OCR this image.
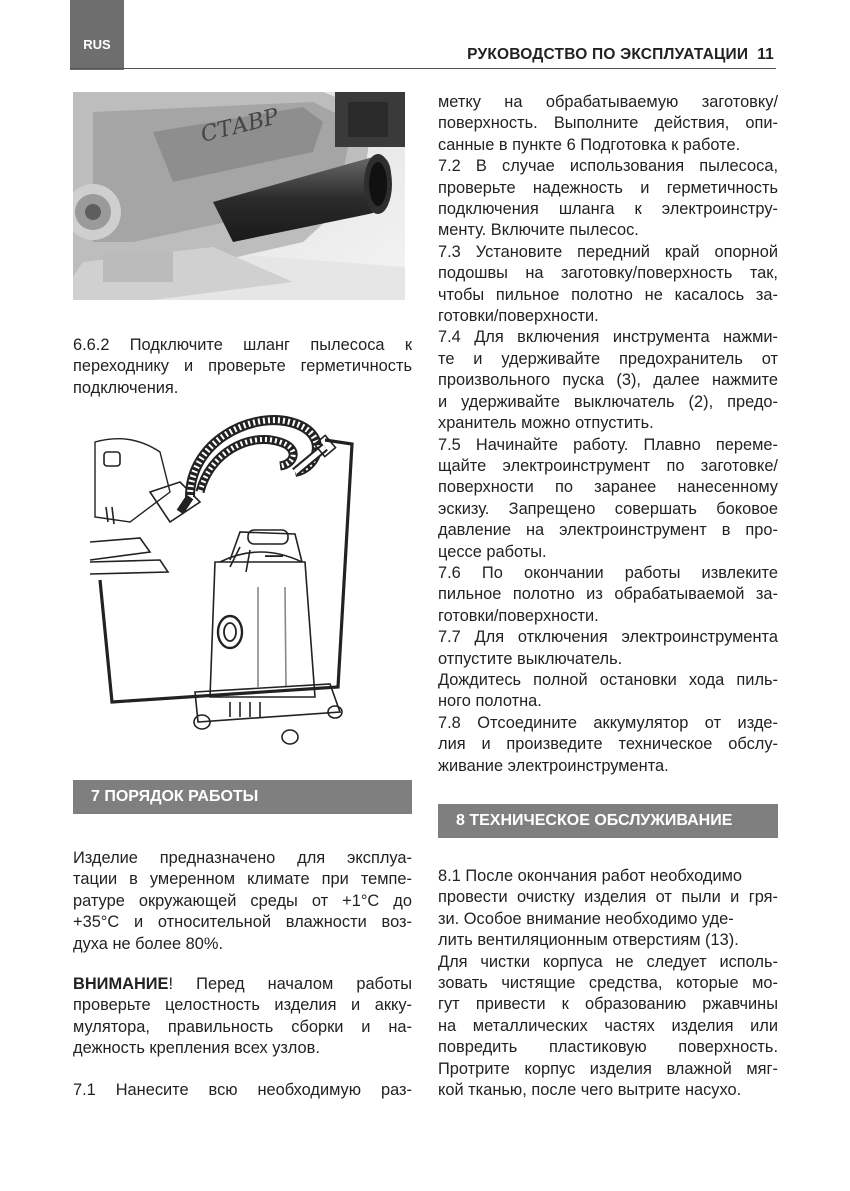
RUS
РУКОВОДСТВО ПО ЭКСПЛУАТАЦИИ 11
СТАВР

6.6.2 Подключите шланг пылесоса к

переходнику и проверьте герметичность

подключения.

▬▬▬
7 ПОРЯДОК РАБОТЫ

Изделие предназначено для эксплуа-

тации в умеренном климате при темпе-

ратуре окружающей среды от +1°С до

+35°С и относительной влажности воз-

духа не более 80%.

ВНИМАНИЕ! Перед началом работы

проверьте целостность изделия и акку-

мулятора, правильность сборки и на-

дежность крепления всех узлов.

7.1 Нанесите всю необходимую раз-

метку на обрабатываемую заготовку/

поверхность. Выполните действия, опи-

санные в пункте 6 Подготовка к работе.

7.2 В случае использования пылесоса,

проверьте надежность и герметичность

подключения шланга к электроинстру-

менту. Включите пылесос.

7.3 Установите передний край опорной

подошвы на заготовку/поверхность так,

чтобы пильное полотно не касалось за-

готовки/поверхности.

7.4 Для включения инструмента нажми-

те и удерживайте предохранитель от

произвольного пуска (3), далее нажмите

и удерживайте выключатель (2), предо-

хранитель можно отпустить.

7.5 Начинайте работу. Плавно переме-

щайте электроинструмент по заготовке/

поверхности по заранее нанесенному

эскизу. Запрещено совершать боковое

давление на электроинструмент в про-

цессе работы.

7.6 По окончании работы извлеките

пильное полотно из обрабатываемой за-

готовки/поверхности.

7.7 Для отключения электроинструмента

отпустите выключатель.

Дождитесь полной остановки хода пиль-

ного полотна.

7.8 Отсоедините аккумулятор от изде-

лия и произведите техническое обслу-

живание электроинструмента.

8 ТЕХНИЧЕСКОЕ ОБСЛУЖИВАНИЕ

8.1 После окончания работ необходимо

провести очистку изделия от пыли и гря-

зи. Особое внимание необходимо уде-

лить вентиляционным отверстиям (13).

Для чистки корпуса не следует исполь-

зовать чистящие средства, которые мо-

гут привести к образованию ржавчины

на металлических частях изделия или

повредить пластиковую поверхность.

Протрите корпус изделия влажной мяг-

кой тканью, после чего вытрите насухо.
